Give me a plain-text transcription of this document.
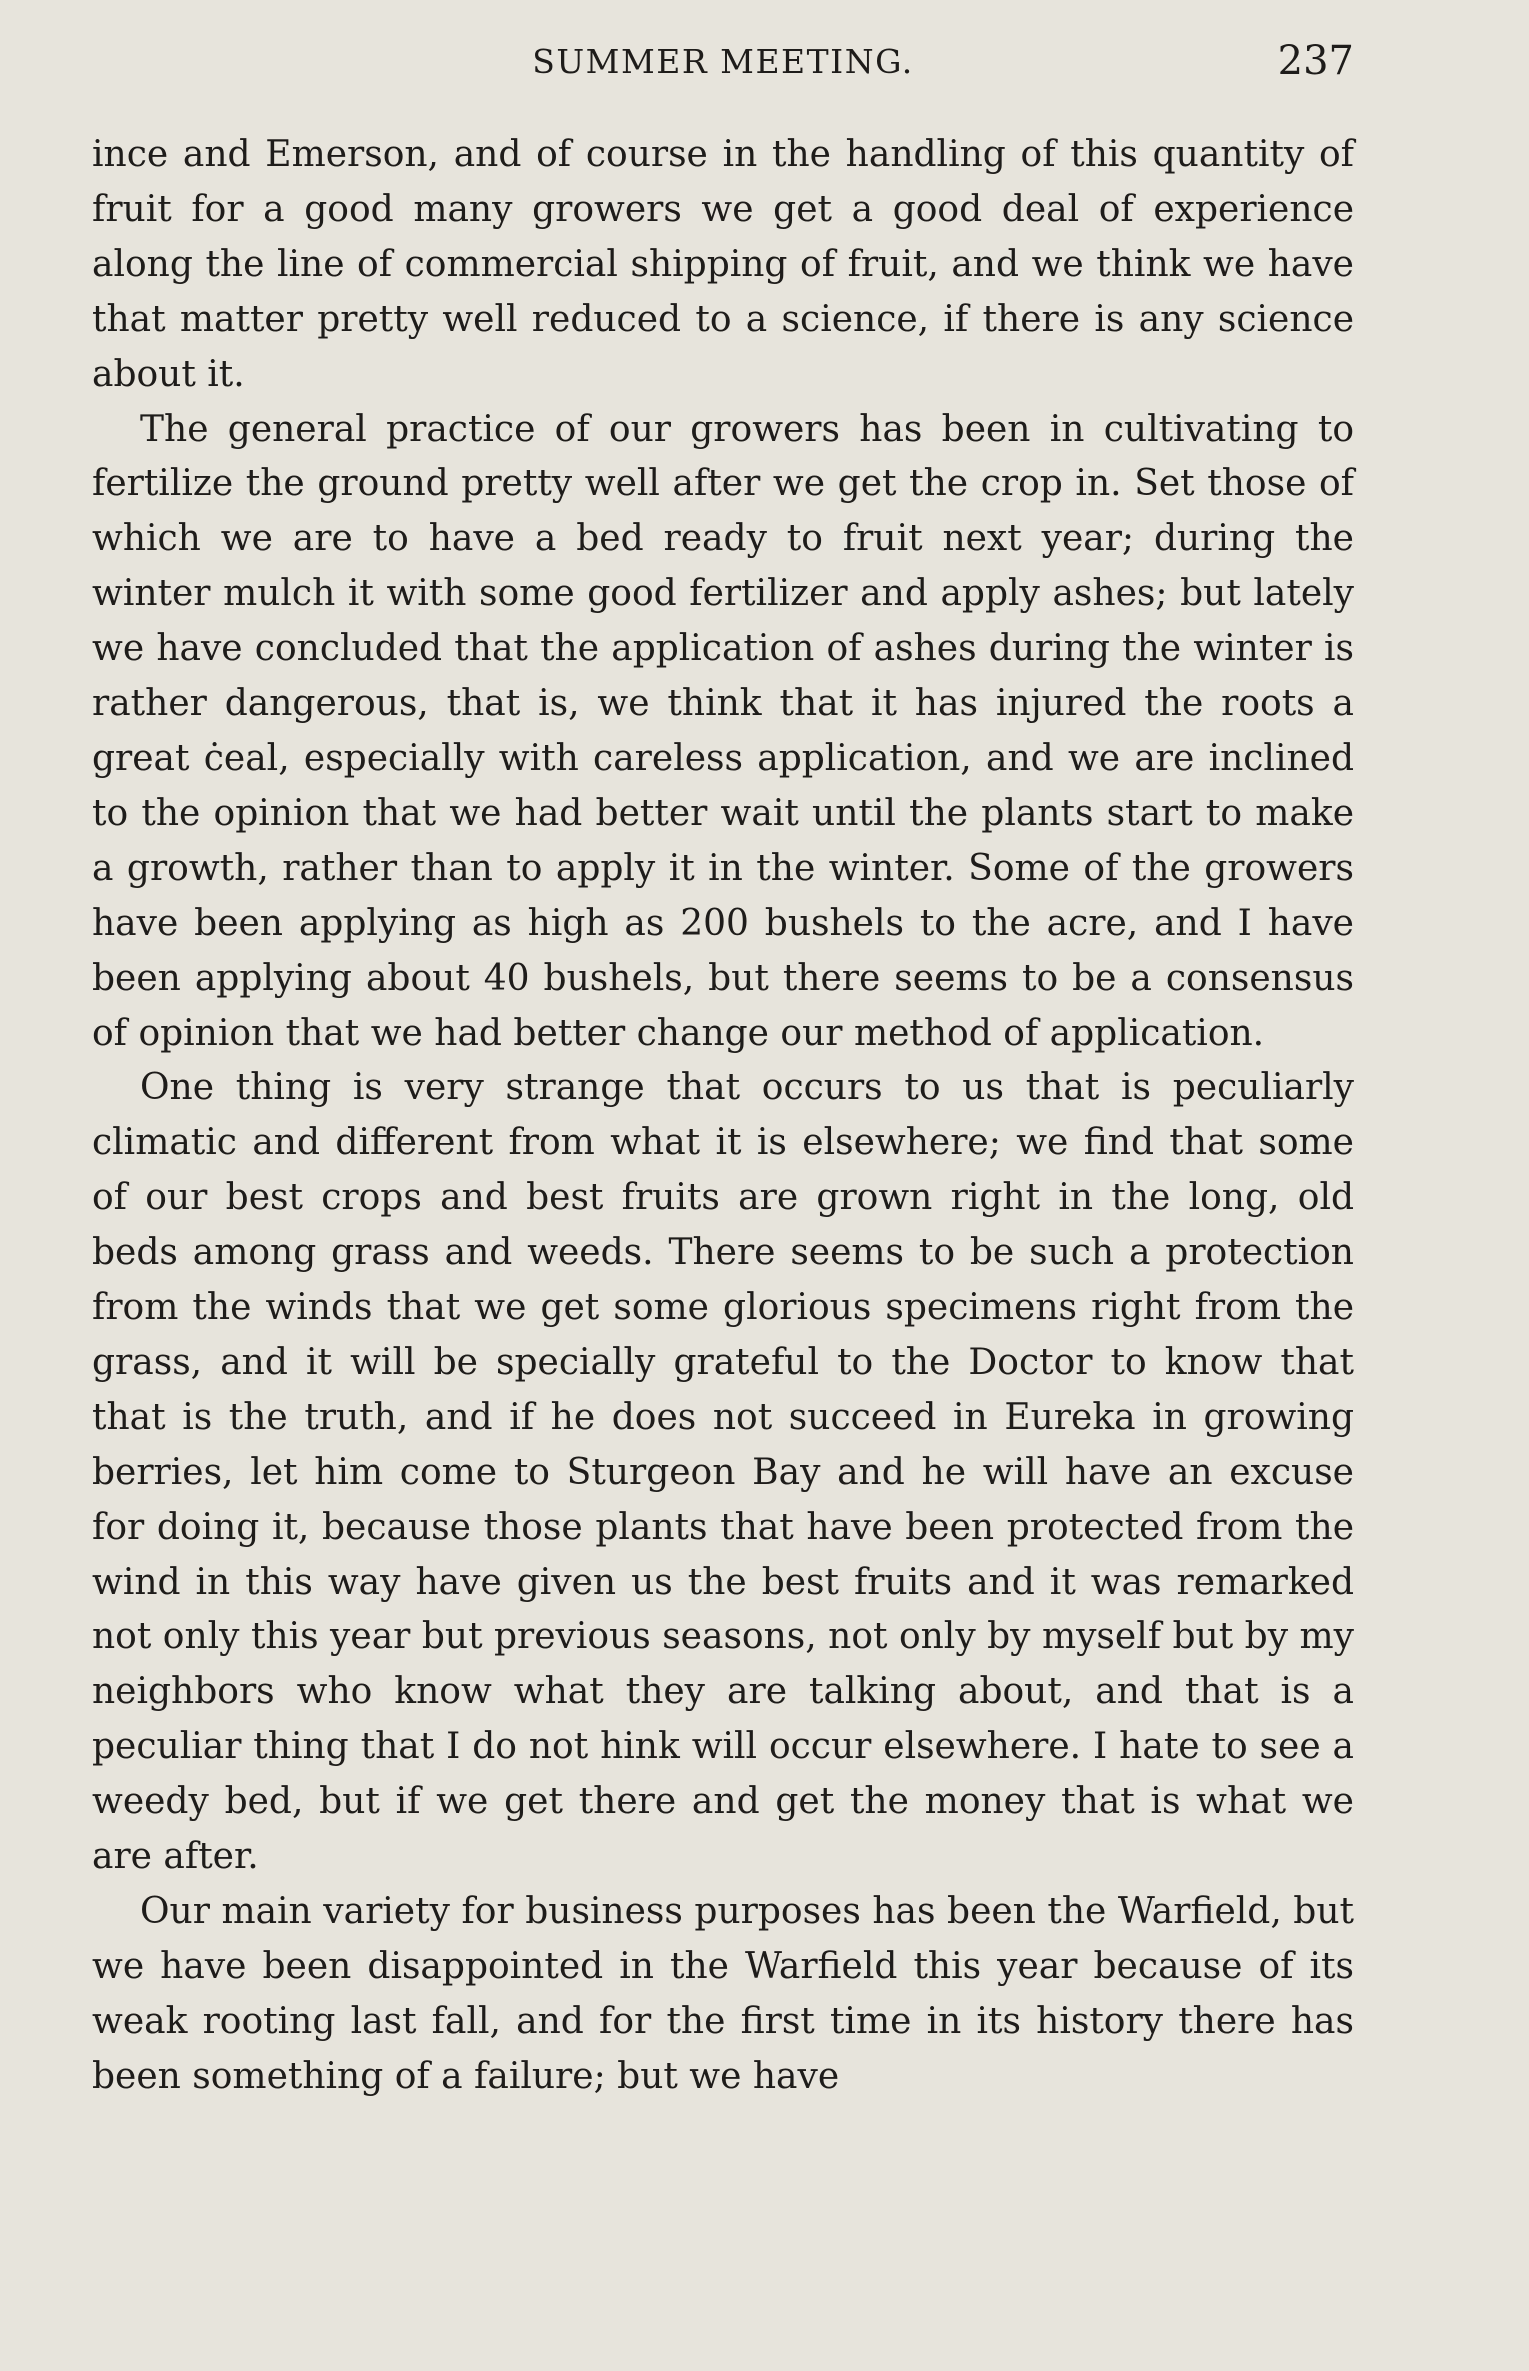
SUMMER MEETING.	237

ince and Emerson, and of course in the handling of this quantity of fruit for a good many growers we get a good deal of experience along the line of commercial shipping of fruit, and we think we have that matter pretty well reduced to a science, if there is any science about it.

The general practice of our growers has been in cultivating to fertilize the ground pretty well after we get the crop in. Set those of which we are to have a bed ready to fruit next year; during the winter mulch it with some good fertilizer and apply ashes; but lately we have concluded that the application of ashes during the winter is rather dangerous, that is, we think that it has injured the roots a great ċeal, especially with careless application, and we are inclined to the opinion that we had better wait until the plants start to make a growth, rather than to apply it in the winter. Some of the growers have been applying as high as 200 bushels to the acre, and I have been applying about 40 bushels, but there seems to be a consensus of opinion that we had better change our method of application.

One thing is very strange that occurs to us that is peculiarly climatic and different from what it is elsewhere; we find that some of our best crops and best fruits are grown right in the long, old beds among grass and weeds. There seems to be such a protection from the winds that we get some glorious specimens right from the grass, and it will be specially grateful to the Doctor to know that that is the truth, and if he does not succeed in Eureka in growing berries, let him come to Sturgeon Bay and he will have an excuse for doing it, because those plants that have been protected from the wind in this way have given us the best fruits and it was remarked not only this year but previous seasons, not only by myself but by my neighbors who know what they are talking about, and that is a peculiar thing that I do not hink will occur elsewhere. I hate to see a weedy bed, but if we get there and get the money that is what we are after.

Our main variety for business purposes has been the Warfield, but we have been disappointed in the Warfield this year because of its weak rooting last fall, and for the first time in its history there has been something of a failure; but we have
